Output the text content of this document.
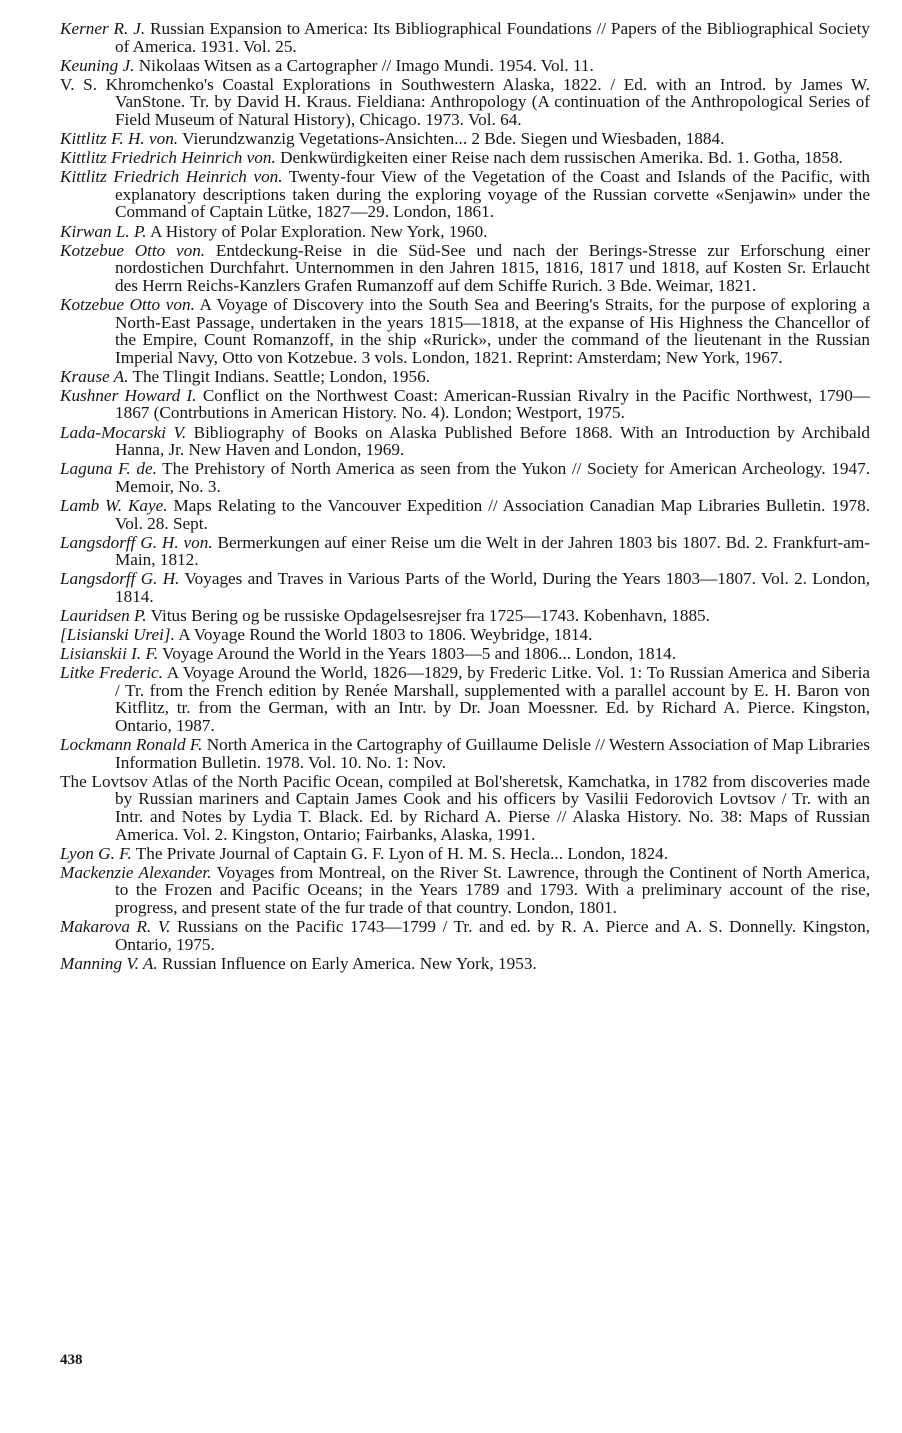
Kerner R. J. Russian Expansion to America: Its Bibliographical Foundations // Papers of the Bibliographical Society of America. 1931. Vol. 25.

Keuning J. Nikolaas Witsen as a Cartographer // Imago Mundi. 1954. Vol. 11.

V. S. Khromchenko's Coastal Explorations in Southwestern Alaska, 1822. / Ed. with an Introd. by James W. VanStone. Tr. by David H. Kraus. Fieldiana: Anthropology (A continuation of the Anthropological Series of Field Museum of Natural History), Chicago. 1973. Vol. 64.

Kittlitz F. H. von. Vierundzwanzig Vegetations-Ansichten... 2 Bde. Siegen und Wiesbaden, 1884.

Kittlitz Friedrich Heinrich von. Denkwürdigkeiten einer Reise nach dem russischen Amerika. Bd. 1. Gotha, 1858.

Kittlitz Friedrich Heinrich von. Twenty-four View of the Vegetation of the Coast and Islands of the Pacific, with explanatory descriptions taken during the exploring voyage of the Russian corvette «Senjawin» under the Command of Captain Lütke, 1827—29. London, 1861.

Kirwan L. P. A History of Polar Exploration. New York, 1960.

Kotzebue Otto von. Entdeckung-Reise in die Süd-See und nach der Berings-Stresse zur Erforschung einer nordostichen Durchfahrt. Unternommen in den Jahren 1815, 1816, 1817 und 1818, auf Kosten Sr. Erlaucht des Herrn Reichs-Kanzlers Grafen Rumanzoff auf dem Schiffe Rurich. 3 Bde. Weimar, 1821.

Kotzebue Otto von. A Voyage of Discovery into the South Sea and Beering's Straits, for the purpose of exploring a North-East Passage, undertaken in the years 1815—1818, at the expanse of His Highness the Chancellor of the Empire, Count Romanzoff, in the ship «Rurick», under the command of the lieutenant in the Russian Imperial Navy, Otto von Kotzebue. 3 vols. London, 1821. Reprint: Amsterdam; New York, 1967.

Krause A. The Tlingit Indians. Seattle; London, 1956.

Kushner Howard I. Conflict on the Northwest Coast: American-Russian Rivalry in the Pacific Northwest, 1790—1867 (Contrbutions in American History. No. 4). London; Westport, 1975.

Lada-Mocarski V. Bibliography of Books on Alaska Published Before 1868. With an Introduction by Archibald Hanna, Jr. New Haven and London, 1969.

Laguna F. de. The Prehistory of North America as seen from the Yukon // Society for American Archeology. 1947. Memoir, No. 3.

Lamb W. Kaye. Maps Relating to the Vancouver Expedition // Association Canadian Map Libraries Bulletin. 1978. Vol. 28. Sept.

Langsdorff G. H. von. Bermerkungen auf einer Reise um die Welt in der Jahren 1803 bis 1807. Bd. 2. Frankfurt-am-Main, 1812.

Langsdorff G. H. Voyages and Traves in Various Parts of the World, During the Years 1803—1807. Vol. 2. London, 1814.

Lauridsen P. Vitus Bering og be russiske Opdagelsesrejser fra 1725—1743. Kobenhavn, 1885.

[Lisianski Urei]. A Voyage Round the World 1803 to 1806. Weybridge, 1814.

Lisianskii I. F. Voyage Around the World in the Years 1803—5 and 1806... London, 1814.

Litke Frederic. A Voyage Around the World, 1826—1829, by Frederic Litke. Vol. 1: To Russian America and Siberia / Tr. from the French edition by Renée Marshall, supplemented with a parallel account by E. H. Baron von Kitflitz, tr. from the German, with an Intr. by Dr. Joan Moessner. Ed. by Richard A. Pierce. Kingston, Ontario, 1987.

Lockmann Ronald F. North America in the Cartography of Guillaume Delisle // Western Association of Map Libraries Information Bulletin. 1978. Vol. 10. No. 1: Nov.

The Lovtsov Atlas of the North Pacific Ocean, compiled at Bol'sheretsk, Kamchatka, in 1782 from discoveries made by Russian mariners and Captain James Cook and his officers by Vasilii Fedorovich Lovtsov / Tr. with an Intr. and Notes by Lydia T. Black. Ed. by Richard A. Pierse // Alaska History. No. 38: Maps of Russian America. Vol. 2. Kingston, Ontario; Fairbanks, Alaska, 1991.

Lyon G. F. The Private Journal of Captain G. F. Lyon of H. M. S. Hecla... London, 1824.

Mackenzie Alexander. Voyages from Montreal, on the River St. Lawrence, through the Continent of North America, to the Frozen and Pacific Oceans; in the Years 1789 and 1793. With a preliminary account of the rise, progress, and present state of the fur trade of that country. London, 1801.

Makarova R. V. Russians on the Pacific 1743—1799 / Tr. and ed. by R. A. Pierce and A. S. Donnelly. Kingston, Ontario, 1975.

Manning V. A. Russian Influence on Early America. New York, 1953.

438
